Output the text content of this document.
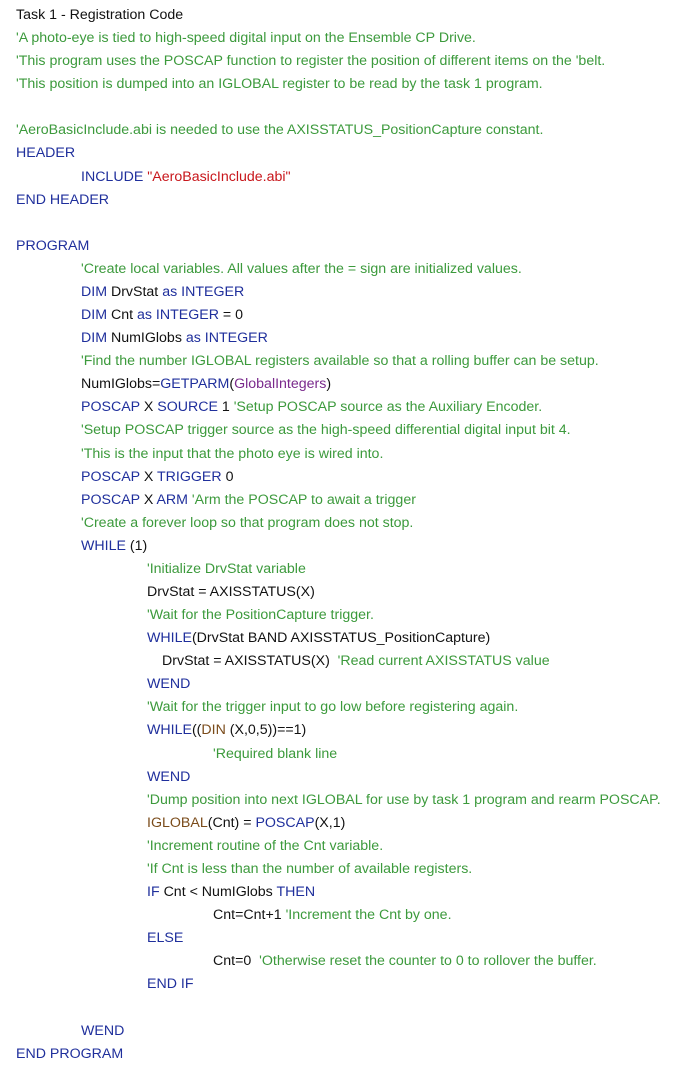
Task 1 - Registration Code
'A photo-eye is tied to high-speed digital input on the Ensemble CP Drive.
'This program uses the POSCAP function to register the position of different items on the 'belt.
'This position is dumped into an IGLOBAL register to be read by the task 1 program.
'AeroBasicInclude.abi is needed to use the AXISSTATUS_PositionCapture constant.
HEADER
INCLUDE "AeroBasicInclude.abi"
END HEADER
PROGRAM
'Create local variables. All values after the = sign are initialized values.
DIM DrvStat as INTEGER
DIM Cnt as INTEGER = 0
DIM NumIGlobs as INTEGER
'Find the number IGLOBAL registers available so that a rolling buffer can be setup.
NumIGlobs=GETPARM(GlobalIntegers)
POSCAP X SOURCE 1 'Setup POSCAP source as the Auxiliary Encoder.
'Setup POSCAP trigger source as the high-speed differential digital input bit 4.
'This is the input that the photo eye is wired into.
POSCAP X TRIGGER 0
POSCAP X ARM 'Arm the POSCAP to await a trigger
'Create a forever loop so that program does not stop.
WHILE (1)
'Initialize DrvStat variable
DrvStat = AXISSTATUS(X)
'Wait for the PositionCapture trigger.
WHILE(DrvStat BAND AXISSTATUS_PositionCapture)
DrvStat = AXISSTATUS(X)  'Read current AXISSTATUS value
WEND
'Wait for the trigger input to go low before registering again.
WHILE((DIN (X,0,5))==1)
'Required blank line
WEND
'Dump position into next IGLOBAL for use by task 1 program and rearm POSCAP.
IGLOBAL(Cnt) = POSCAP(X,1)
'Increment routine of the Cnt variable.
'If Cnt is less than the number of available registers.
IF Cnt < NumIGlobs THEN
Cnt=Cnt+1 'Increment the Cnt by one.
ELSE
Cnt=0  'Otherwise reset the counter to 0 to rollover the buffer.
END IF
WEND
END PROGRAM
